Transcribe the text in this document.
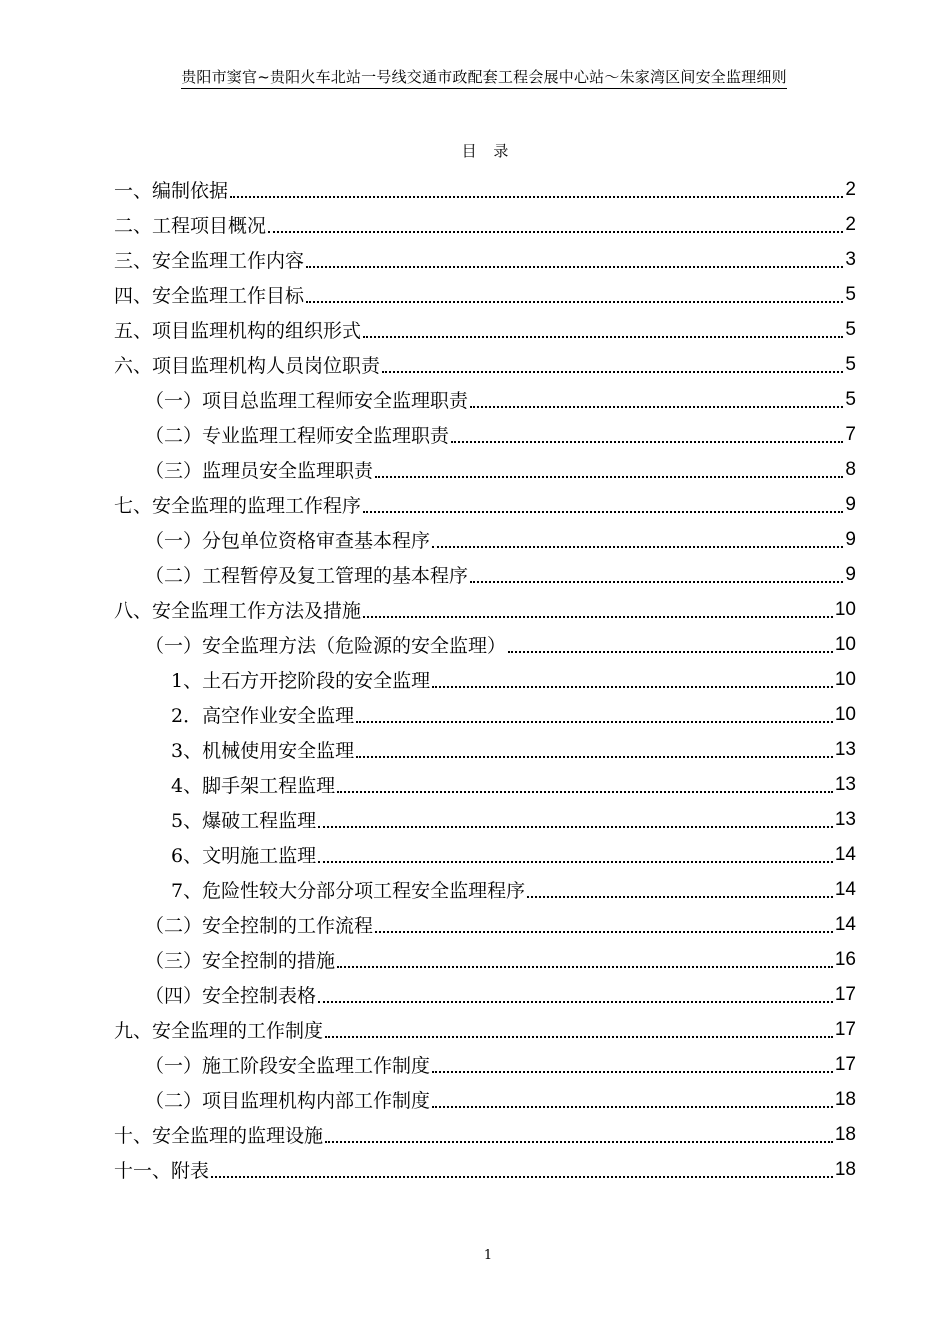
贵阳市窦官~贵阳火车北站一号线交通市政配套工程会展中心站～朱家湾区间安全监理细则
目 录
一、编制依据	2
二、工程项目概况	2
三、安全监理工作内容	3
四、安全监理工作目标	5
五、项目监理机构的组织形式	5
六、项目监理机构人员岗位职责	5
（一）项目总监理工程师安全监理职责	5
（二）专业监理工程师安全监理职责	7
（三）监理员安全监理职责	8
七、安全监理的监理工作程序	9
（一）分包单位资格审查基本程序	9
（二）工程暂停及复工管理的基本程序	9
八、安全监理工作方法及措施	10
（一）安全监理方法（危险源的安全监理）	10
1、土石方开挖阶段的安全监理	10
2．高空作业安全监理	10
3、机械使用安全监理	13
4、脚手架工程监理	13
5、爆破工程监理	13
6、文明施工监理	14
7、危险性较大分部分项工程安全监理程序	14
（二）安全控制的工作流程	14
（三）安全控制的措施	16
（四）安全控制表格	17
九、安全监理的工作制度	17
（一）施工阶段安全监理工作制度	17
（二）项目监理机构内部工作制度	18
十、安全监理的监理设施	18
十一、附表	18
1
